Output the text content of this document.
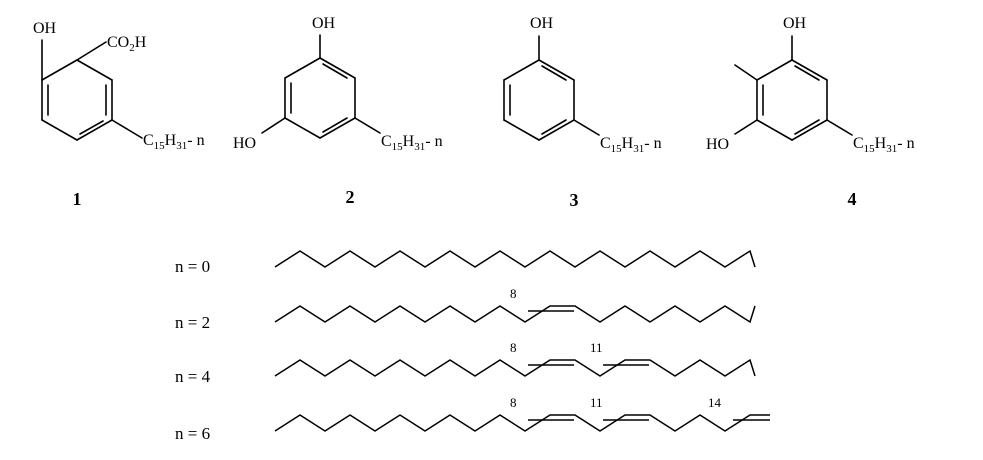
OH
$CO_2H$
$C_{15}H_{31}-$ n
1
OH
HO	$C_{15}H_{31}-$ n
2
OH
$C_{15}H_{31}-$ n
3
OH
HO	$C_{15}H_{31}-$ n
4
n = 0
n = 2
8
n = 4
8	11
n = 6
8	11	14
